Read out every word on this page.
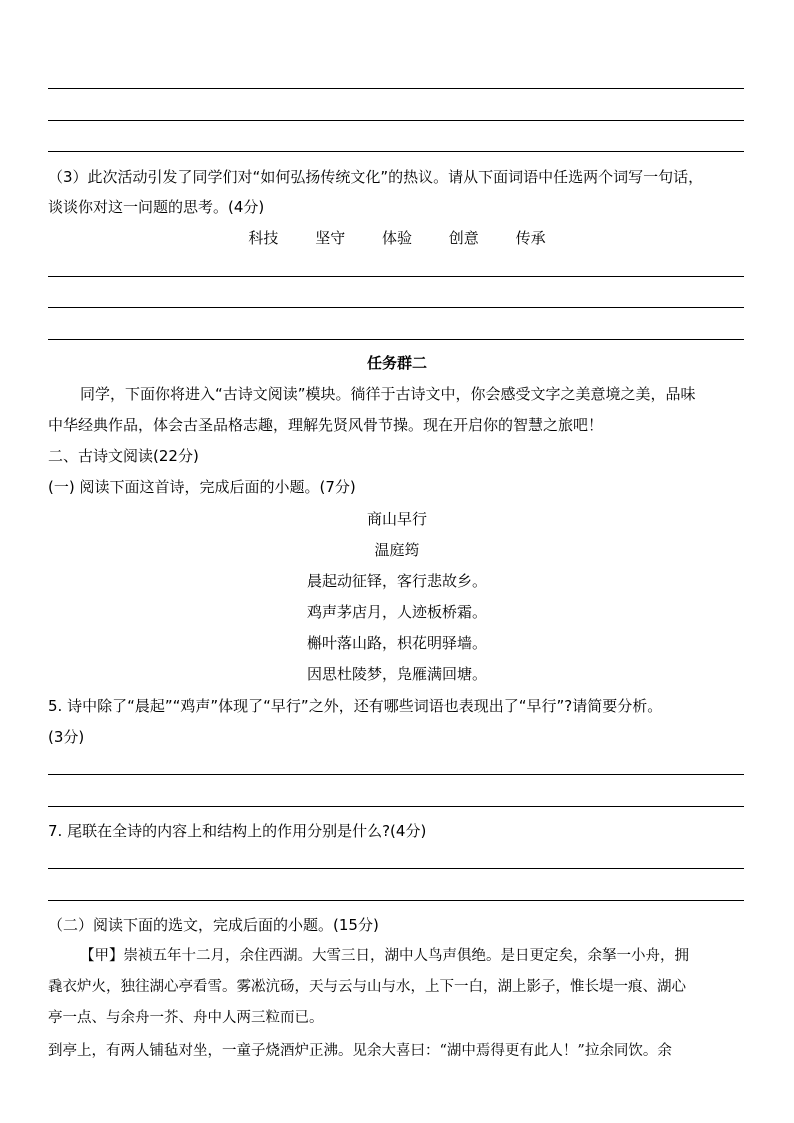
（3）此次活动引发了同学们对“如何弘扬传统文化”的热议。请从下面词语中任选两个词写一句话，
谈谈你对这一问题的思考。(4分)
科技 坚守 体验 创意 传承
任务群二
同学，下面你将进入“古诗文阅读”模块。徜徉于古诗文中，你会感受文字之美意境之美，品味
中华经典作品，体会古圣品格志趣，理解先贤风骨节操。现在开启你的智慧之旅吧！
二、古诗文阅读(22分)
(一) 阅读下面这首诗，完成后面的小题。(7分)
商山早行
温庭筠
晨起动征铎，客行悲故乡。
鸡声茅店月，人迹板桥霜。
槲叶落山路，枳花明驿墙。
因思杜陵梦，凫雁满回塘。
5. 诗中除了“晨起”“鸡声”体现了“早行”之外，还有哪些词语也表现出了“早行”?请简要分析。
(3分)
7. 尾联在全诗的内容上和结构上的作用分别是什么?(4分)
（二）阅读下面的选文，完成后面的小题。(15分)
【甲】崇祯五年十二月，余住西湖。大雪三日，湖中人鸟声俱绝。是日更定矣，余拏一小舟，拥
毳衣炉火，独往湖心亭看雪。雾凇沆砀，天与云与山与水，上下一白，湖上影子，惟长堤一痕、湖心
亭一点、与余舟一芥、舟中人两三粒而已。
到亭上，有两人铺毡对坐，一童子烧酒炉正沸。见余大喜曰：“湖中焉得更有此人！”拉余同饮。余
